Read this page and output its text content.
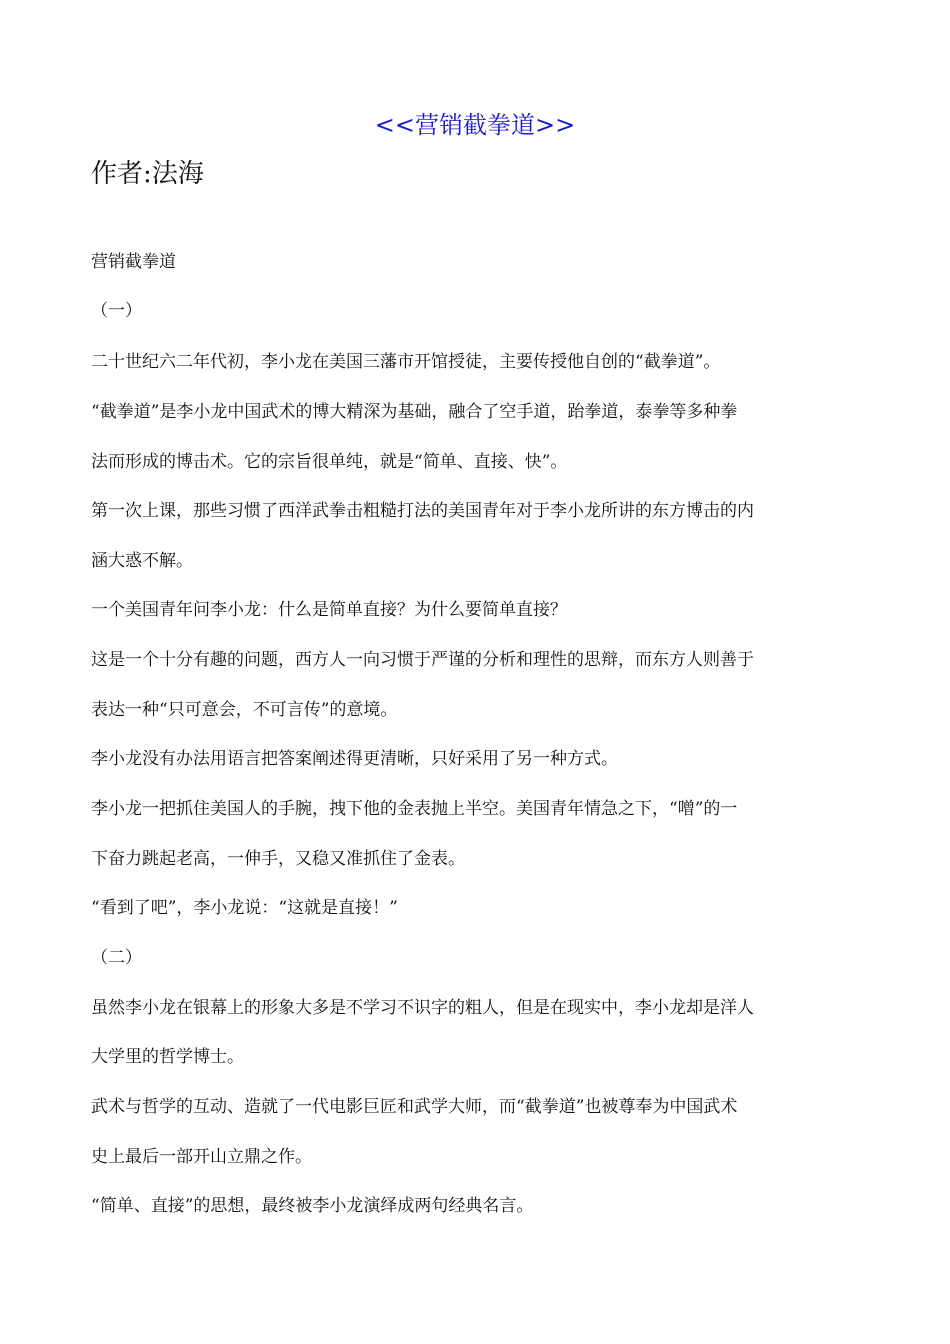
<<营销截拳道>>
作者:法海
营销截拳道
（一）
二十世纪六二年代初，李小龙在美国三藩市开馆授徒，主要传授他自创的“截拳道”。
“截拳道”是李小龙中国武术的博大精深为基础，融合了空手道，跆拳道，泰拳等多种拳
法而形成的博击术。它的宗旨很单纯，就是“简单、直接、快”。
第一次上课，那些习惯了西洋武拳击粗糙打法的美国青年对于李小龙所讲的东方博击的内
涵大惑不解。
一个美国青年问李小龙：什么是简单直接？为什么要简单直接？
这是一个十分有趣的问题，西方人一向习惯于严谨的分析和理性的思辩，而东方人则善于
表达一种“只可意会，不可言传”的意境。
李小龙没有办法用语言把答案阐述得更清晰，只好采用了另一种方式。
李小龙一把抓住美国人的手腕，拽下他的金表抛上半空。美国青年情急之下，“噌”的一
下奋力跳起老高，一伸手，又稳又准抓住了金表。
“看到了吧”，李小龙说：“这就是直接！”
（二）
虽然李小龙在银幕上的形象大多是不学习不识字的粗人，但是在现实中，李小龙却是洋人
大学里的哲学博士。
武术与哲学的互动、造就了一代电影巨匠和武学大师，而“截拳道”也被尊奉为中国武术
史上最后一部开山立鼎之作。
“简单、直接”的思想，最终被李小龙演绎成两句经典名言。
